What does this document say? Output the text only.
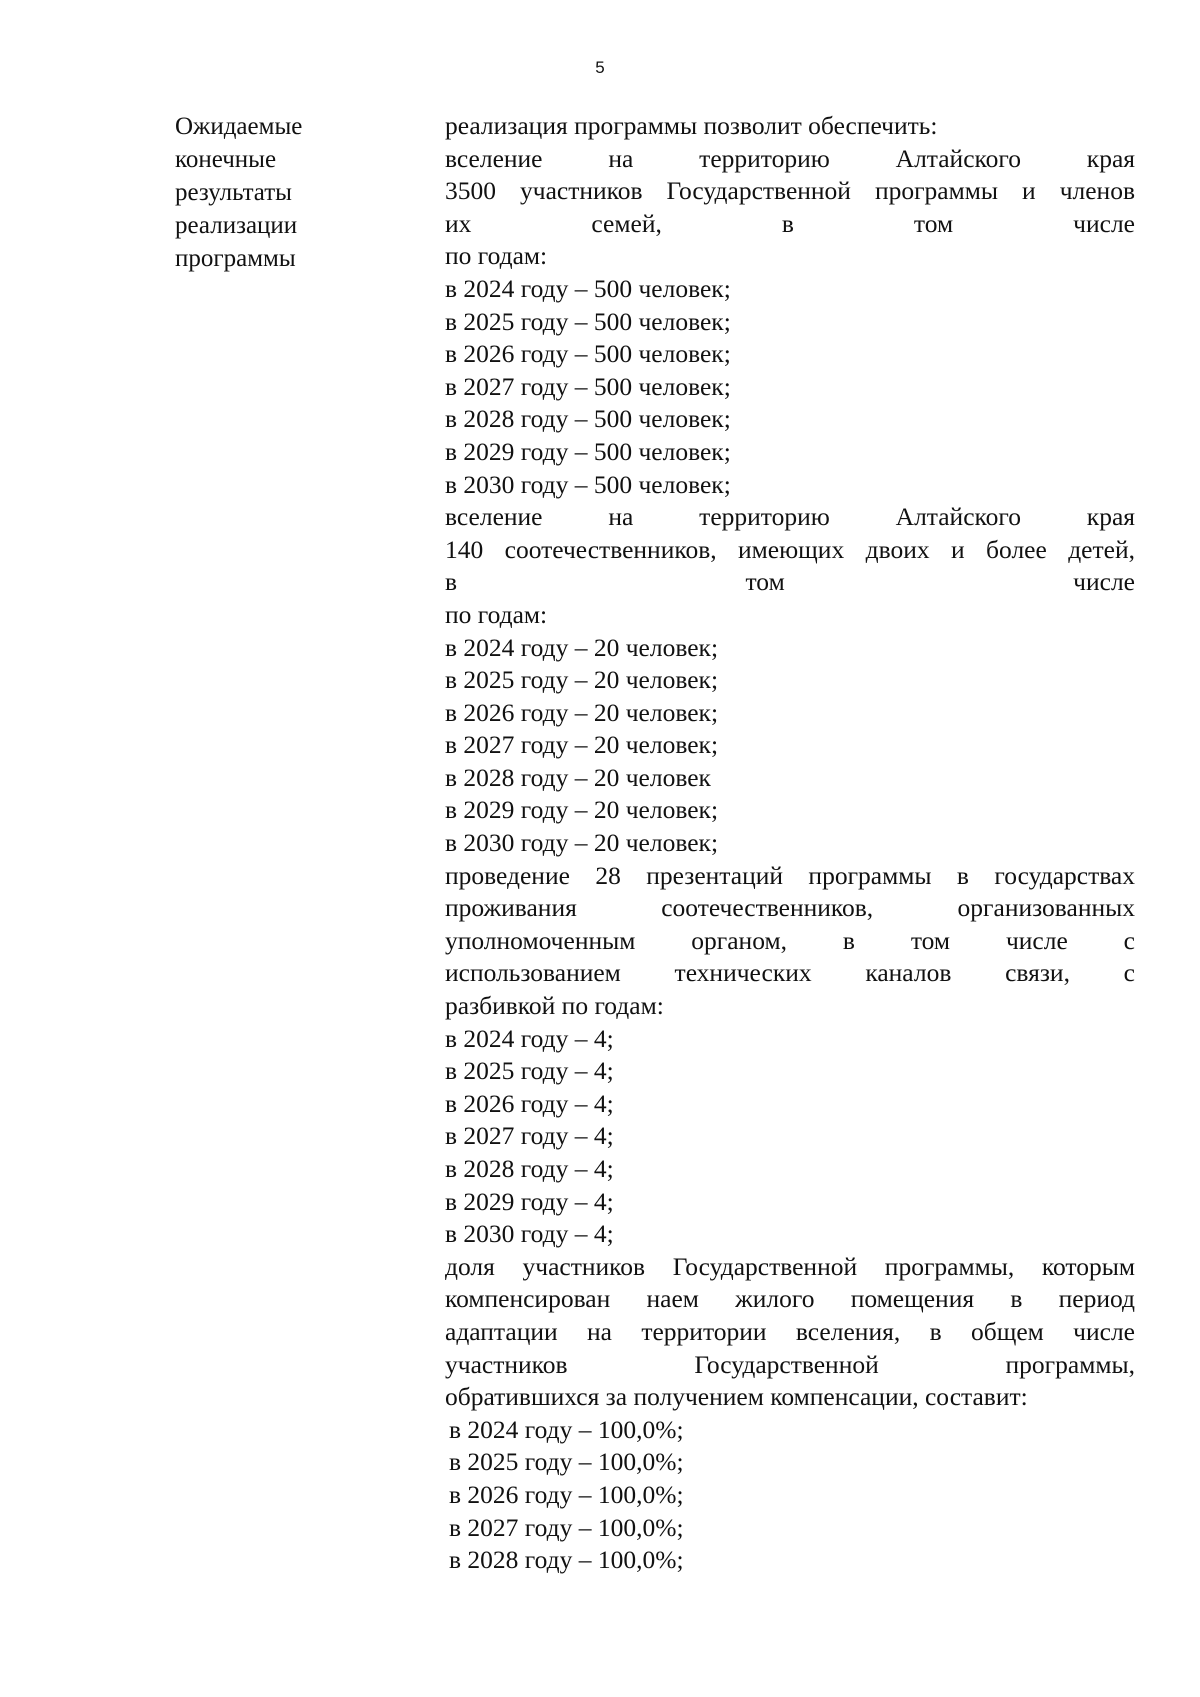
5
Ожидаемые
конечные
результаты
реализации
программы
реализация программы позволит обеспечить:
вселение на территорию Алтайского края
3500 участников Государственной программы и членов
их семей, в том числе
по годам:
в 2024 году – 500 человек;
в 2025 году – 500 человек;
в 2026 году – 500 человек;
в 2027 году – 500 человек;
в 2028 году – 500 человек;
в 2029 году – 500 человек;
в 2030 году – 500 человек;
вселение на территорию Алтайского края
140 соотечественников, имеющих двоих и более детей,
в том числе
по годам:
в 2024 году – 20 человек;
в 2025 году – 20 человек;
в 2026 году – 20 человек;
в 2027 году – 20 человек;
в 2028 году – 20 человек
в 2029 году – 20 человек;
в 2030 году – 20 человек;
проведение 28 презентаций программы в государствах
проживания соотечественников, организованных
уполномоченным органом, в том числе с
использованием технических каналов связи, с
разбивкой по годам:
в 2024 году – 4;
в 2025 году – 4;
в 2026 году – 4;
в 2027 году – 4;
в 2028 году – 4;
в 2029 году – 4;
в 2030 году – 4;
доля участников Государственной программы, которым
компенсирован наем жилого помещения в период
адаптации на территории вселения, в общем числе
участников Государственной программы,
обратившихся за получением компенсации, составит:
в 2024 году – 100,0%;
в 2025 году – 100,0%;
в 2026 году – 100,0%;
в 2027 году – 100,0%;
в 2028 году – 100,0%;
